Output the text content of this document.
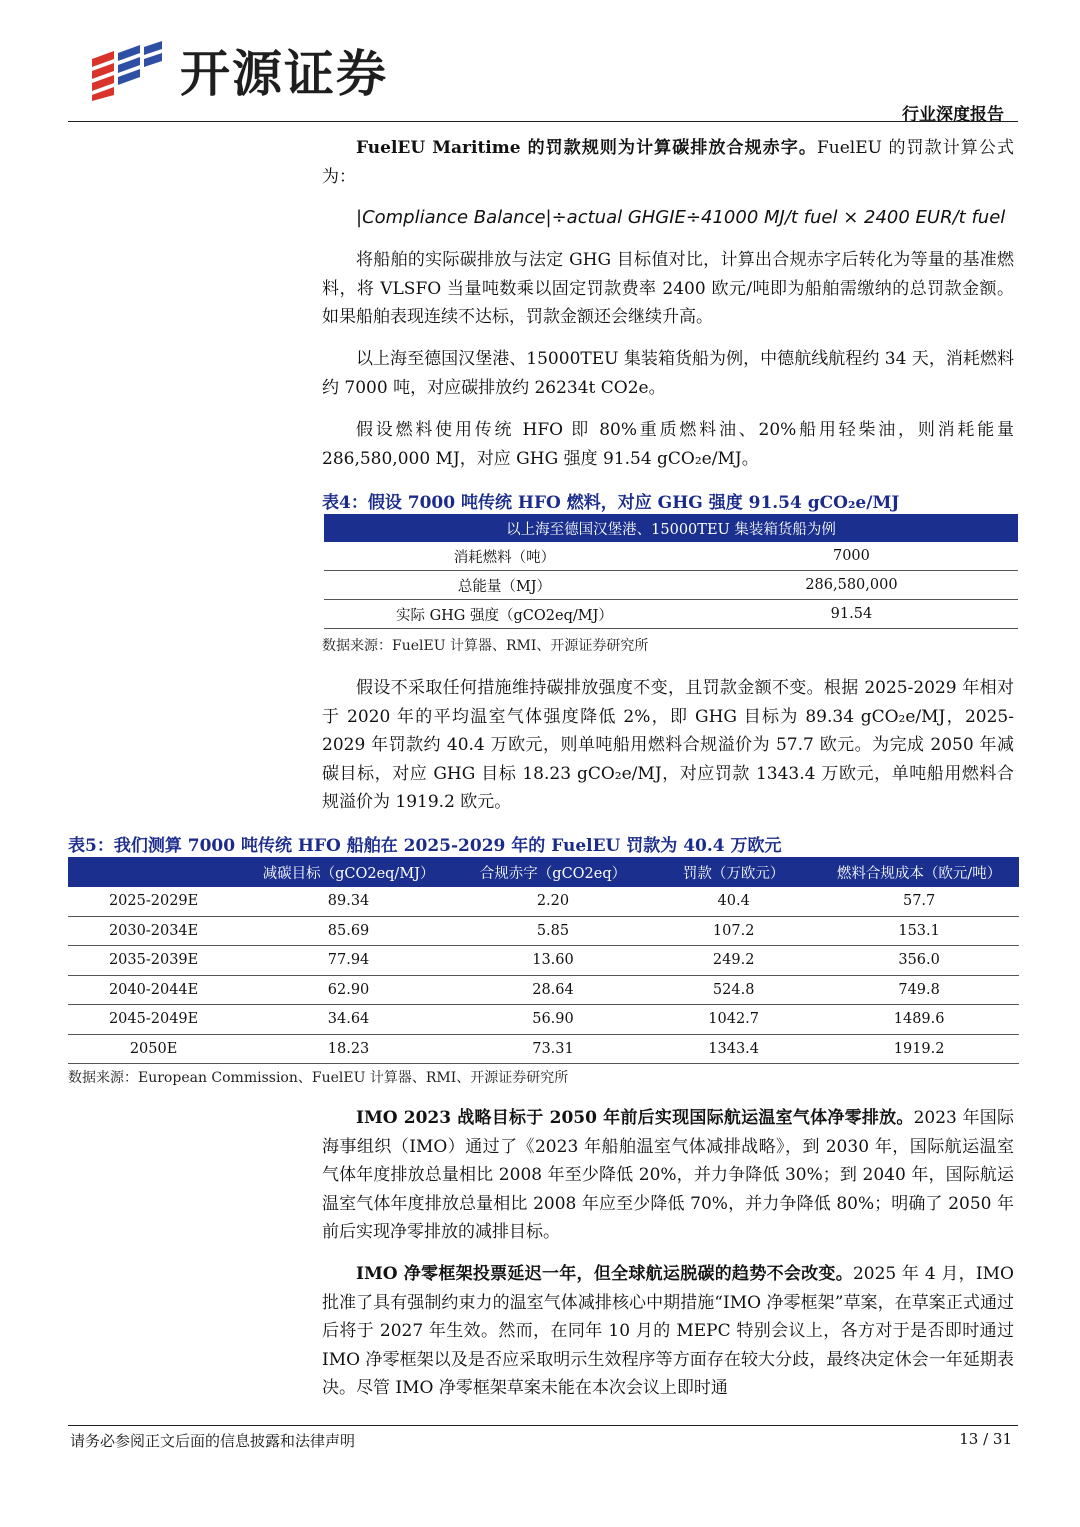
开源证券
行业深度报告

FuelEU Maritime 的罚款规则为计算碳排放合规赤字。FuelEU 的罚款计算公式为：

|Compliance Balance|÷actual GHGIE÷41000 MJ/t fuel × 2400 EUR/t fuel

将船舶的实际碳排放与法定 GHG 目标值对比，计算出合规赤字后转化为等量的基准燃料，将 VLSFO 当量吨数乘以固定罚款费率 2400 欧元/吨即为船舶需缴纳的总罚款金额。如果船舶表现连续不达标，罚款金额还会继续升高。

以上海至德国汉堡港、15000TEU 集装箱货船为例，中德航线航程约 34 天，消耗燃料约 7000 吨，对应碳排放约 26234t CO2e。

假设燃料使用传统 HFO 即 80%重质燃料油、20%船用轻柴油，则消耗能量 286,580,000 MJ，对应 GHG 强度 91.54 gCO₂e/MJ。

表4：假设 7000 吨传统 HFO 燃料，对应 GHG 强度 91.54 gCO₂e/MJ
以上海至德国汉堡港、15000TEU 集装箱货船为例	
消耗燃料（吨）	7000
总能量（MJ）	286,580,000
实际 GHG 强度（gCO2eq/MJ）	91.54
数据来源：FuelEU 计算器、RMI、开源证券研究所

假设不采取任何措施维持碳排放强度不变，且罚款金额不变。根据 2025-2029 年相对于 2020 年的平均温室气体强度降低 2%，即 GHG 目标为 89.34 gCO₂e/MJ，2025-2029 年罚款约 40.4 万欧元，则单吨船用燃料合规溢价为 57.7 欧元。为完成 2050 年减碳目标，对应 GHG 目标 18.23 gCO₂e/MJ，对应罚款 1343.4 万欧元，单吨船用燃料合规溢价为 1919.2 欧元。

表5：我们测算 7000 吨传统 HFO 船舶在 2025-2029 年的 FuelEU 罚款为 40.4 万欧元
	减碳目标（gCO2eq/MJ）	合规赤字（gCO2eq）	罚款（万欧元）	燃料合规成本（欧元/吨）
2025-2029E	89.34	2.20	40.4	57.7
2030-2034E	85.69	5.85	107.2	153.1
2035-2039E	77.94	13.60	249.2	356.0
2040-2044E	62.90	28.64	524.8	749.8
2045-2049E	34.64	56.90	1042.7	1489.6
2050E	18.23	73.31	1343.4	1919.2
数据来源：European Commission、FuelEU 计算器、RMI、开源证券研究所

IMO 2023 战略目标于 2050 年前后实现国际航运温室气体净零排放。2023 年国际海事组织（IMO）通过了《2023 年船舶温室气体减排战略》，到 2030 年，国际航运温室气体年度排放总量相比 2008 年至少降低 20%，并力争降低 30%；到 2040 年，国际航运温室气体年度排放总量相比 2008 年应至少降低 70%，并力争降低 80%；明确了 2050 年前后实现净零排放的减排目标。

IMO 净零框架投票延迟一年，但全球航运脱碳的趋势不会改变。2025 年 4 月，IMO 批准了具有强制约束力的温室气体减排核心中期措施“IMO 净零框架”草案，在草案正式通过后将于 2027 年生效。然而，在同年 10 月的 MEPC 特别会议上，各方对于是否即时通过 IMO 净零框架以及是否应采取明示生效程序等方面存在较大分歧，最终决定休会一年延期表决。尽管 IMO 净零框架草案未能在本次会议上即时通

请务必参阅正文后面的信息披露和法律声明	13 / 31
